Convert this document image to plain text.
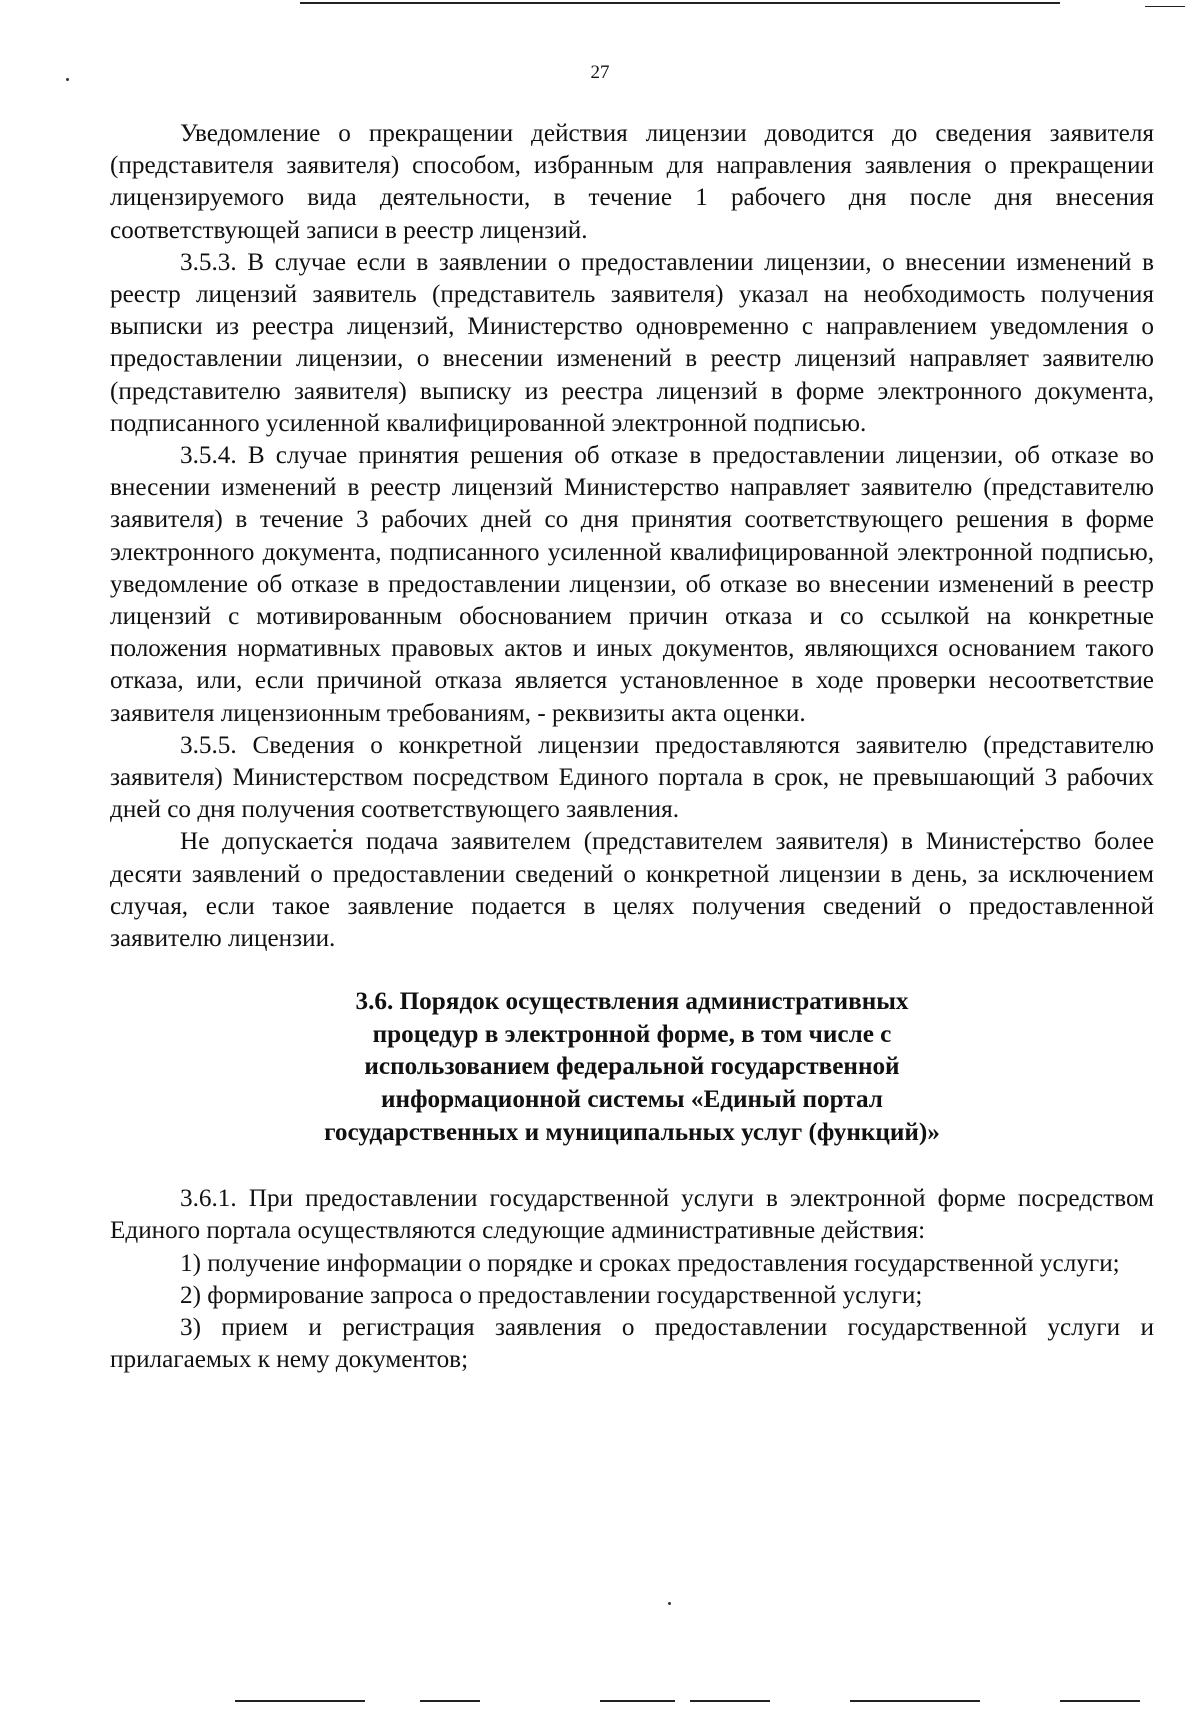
27

Уведомление о прекращении действия лицензии доводится до сведения заявителя (представителя заявителя) способом, избранным для направления заявления о прекращении лицензируемого вида деятельности, в течение 1 рабочего дня после дня внесения соответствующей записи в реестр лицензий.

3.5.3. В случае если в заявлении о предоставлении лицензии, о внесении изменений в реестр лицензий заявитель (представитель заявителя) указал на необходимость получения выписки из реестра лицензий, Министерство одновременно с направлением уведомления о предоставлении лицензии, о внесении изменений в реестр лицензий направляет заявителю (представителю заявителя) выписку из реестра лицензий в форме электронного документа, подписанного усиленной квалифицированной электронной подписью.

3.5.4. В случае принятия решения об отказе в предоставлении лицензии, об отказе во внесении изменений в реестр лицензий Министерство направляет заявителю (представителю заявителя) в течение 3 рабочих дней со дня принятия соответствующего решения в форме электронного документа, подписанного усиленной квалифицированной электронной подписью, уведомление об отказе в предоставлении лицензии, об отказе во внесении изменений в реестр лицензий с мотивированным обоснованием причин отказа и со ссылкой на конкретные положения нормативных правовых актов и иных документов, являющихся основанием такого отказа, или, если причиной отказа является установленное в ходе проверки несоответствие заявителя лицензионным требованиям, - реквизиты акта оценки.

3.5.5. Сведения о конкретной лицензии предоставляются заявителю (представителю заявителя) Министерством посредством Единого портала в срок, не превышающий 3 рабочих дней со дня получения соответствующего заявления.

Не допускается подача заявителем (представителем заявителя) в Министерство более десяти заявлений о предоставлении сведений о конкретной лицензии в день, за исключением случая, если такое заявление подается в целях получения сведений о предоставленной заявителю лицензии.

3.6. Порядок осуществления административных процедур в электронной форме, в том числе с использованием федеральной государственной информационной системы «Единый портал государственных и муниципальных услуг (функций)»

3.6.1. При предоставлении государственной услуги в электронной форме посредством Единого портала осуществляются следующие административные действия:

1) получение информации о порядке и сроках предоставления государственной услуги;

2) формирование запроса о предоставлении государственной услуги;

3) прием и регистрация заявления о предоставлении государственной услуги и прилагаемых к нему документов;
